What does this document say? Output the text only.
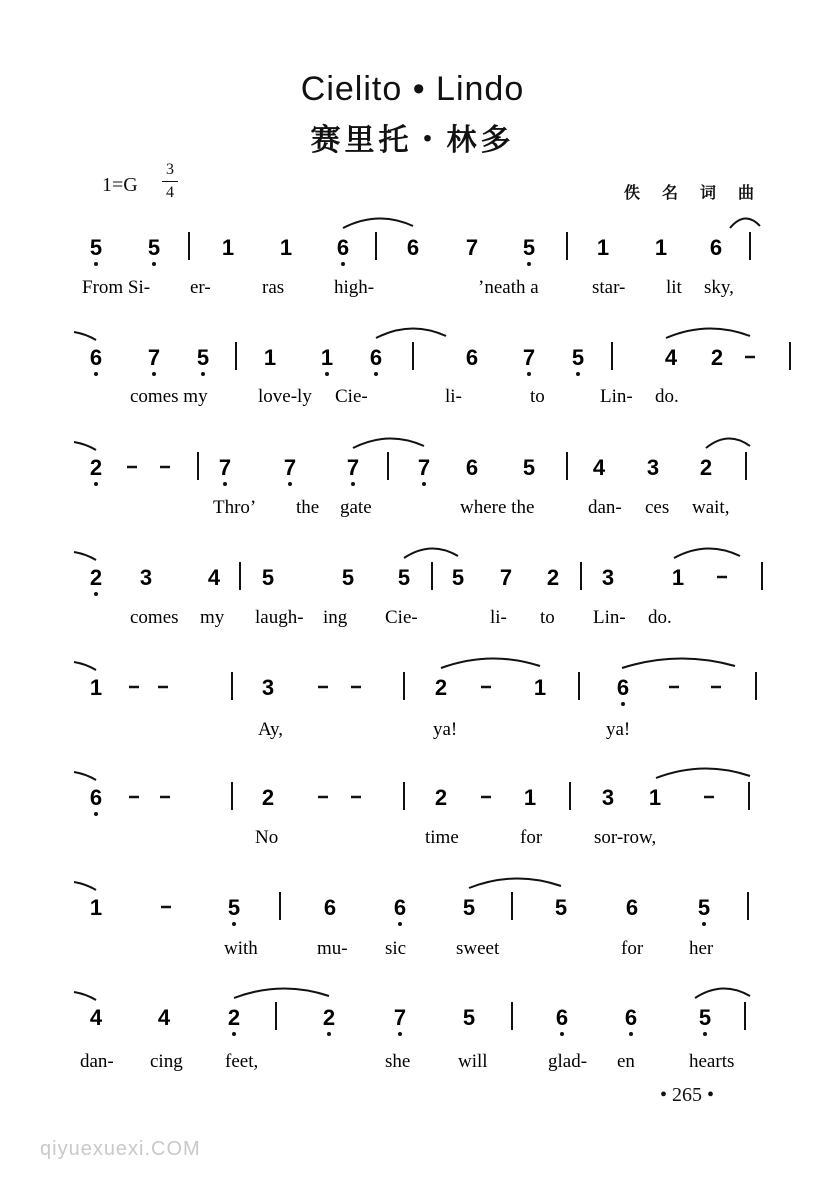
Cielito • Lindo
赛里托・林多
1=G
3
4	佚名词曲
5 5	1 1 6	6 7 5	1 1 6
From Si- er-	ras	high-	’neath a	star- lit sky,
6 7 5 1 1 6	6 7 5	4 2
comes my	love-ly Cie-	li-	to	Lin- do.
2	7 7 7	7 6 5	4 3 2
Thro’ the gate	where the	dan- ces wait,
2 3	4 5	5 5 5 7 2 3	1
comes my laugh- ing Cie-	li- to Lin- do.
1	3	2	1	6
Ay,	ya!	ya!
6	2	2	1	3 1
No	time	for	sor-row,
1	5	6	6	5	5	6	5
with	mu- sic	sweet	for her
4	4	2	2	7	5	6	6	5
dan- cing feet,	she	will	glad- en	hearts
• 265 •
qiyuexuexi.COM
